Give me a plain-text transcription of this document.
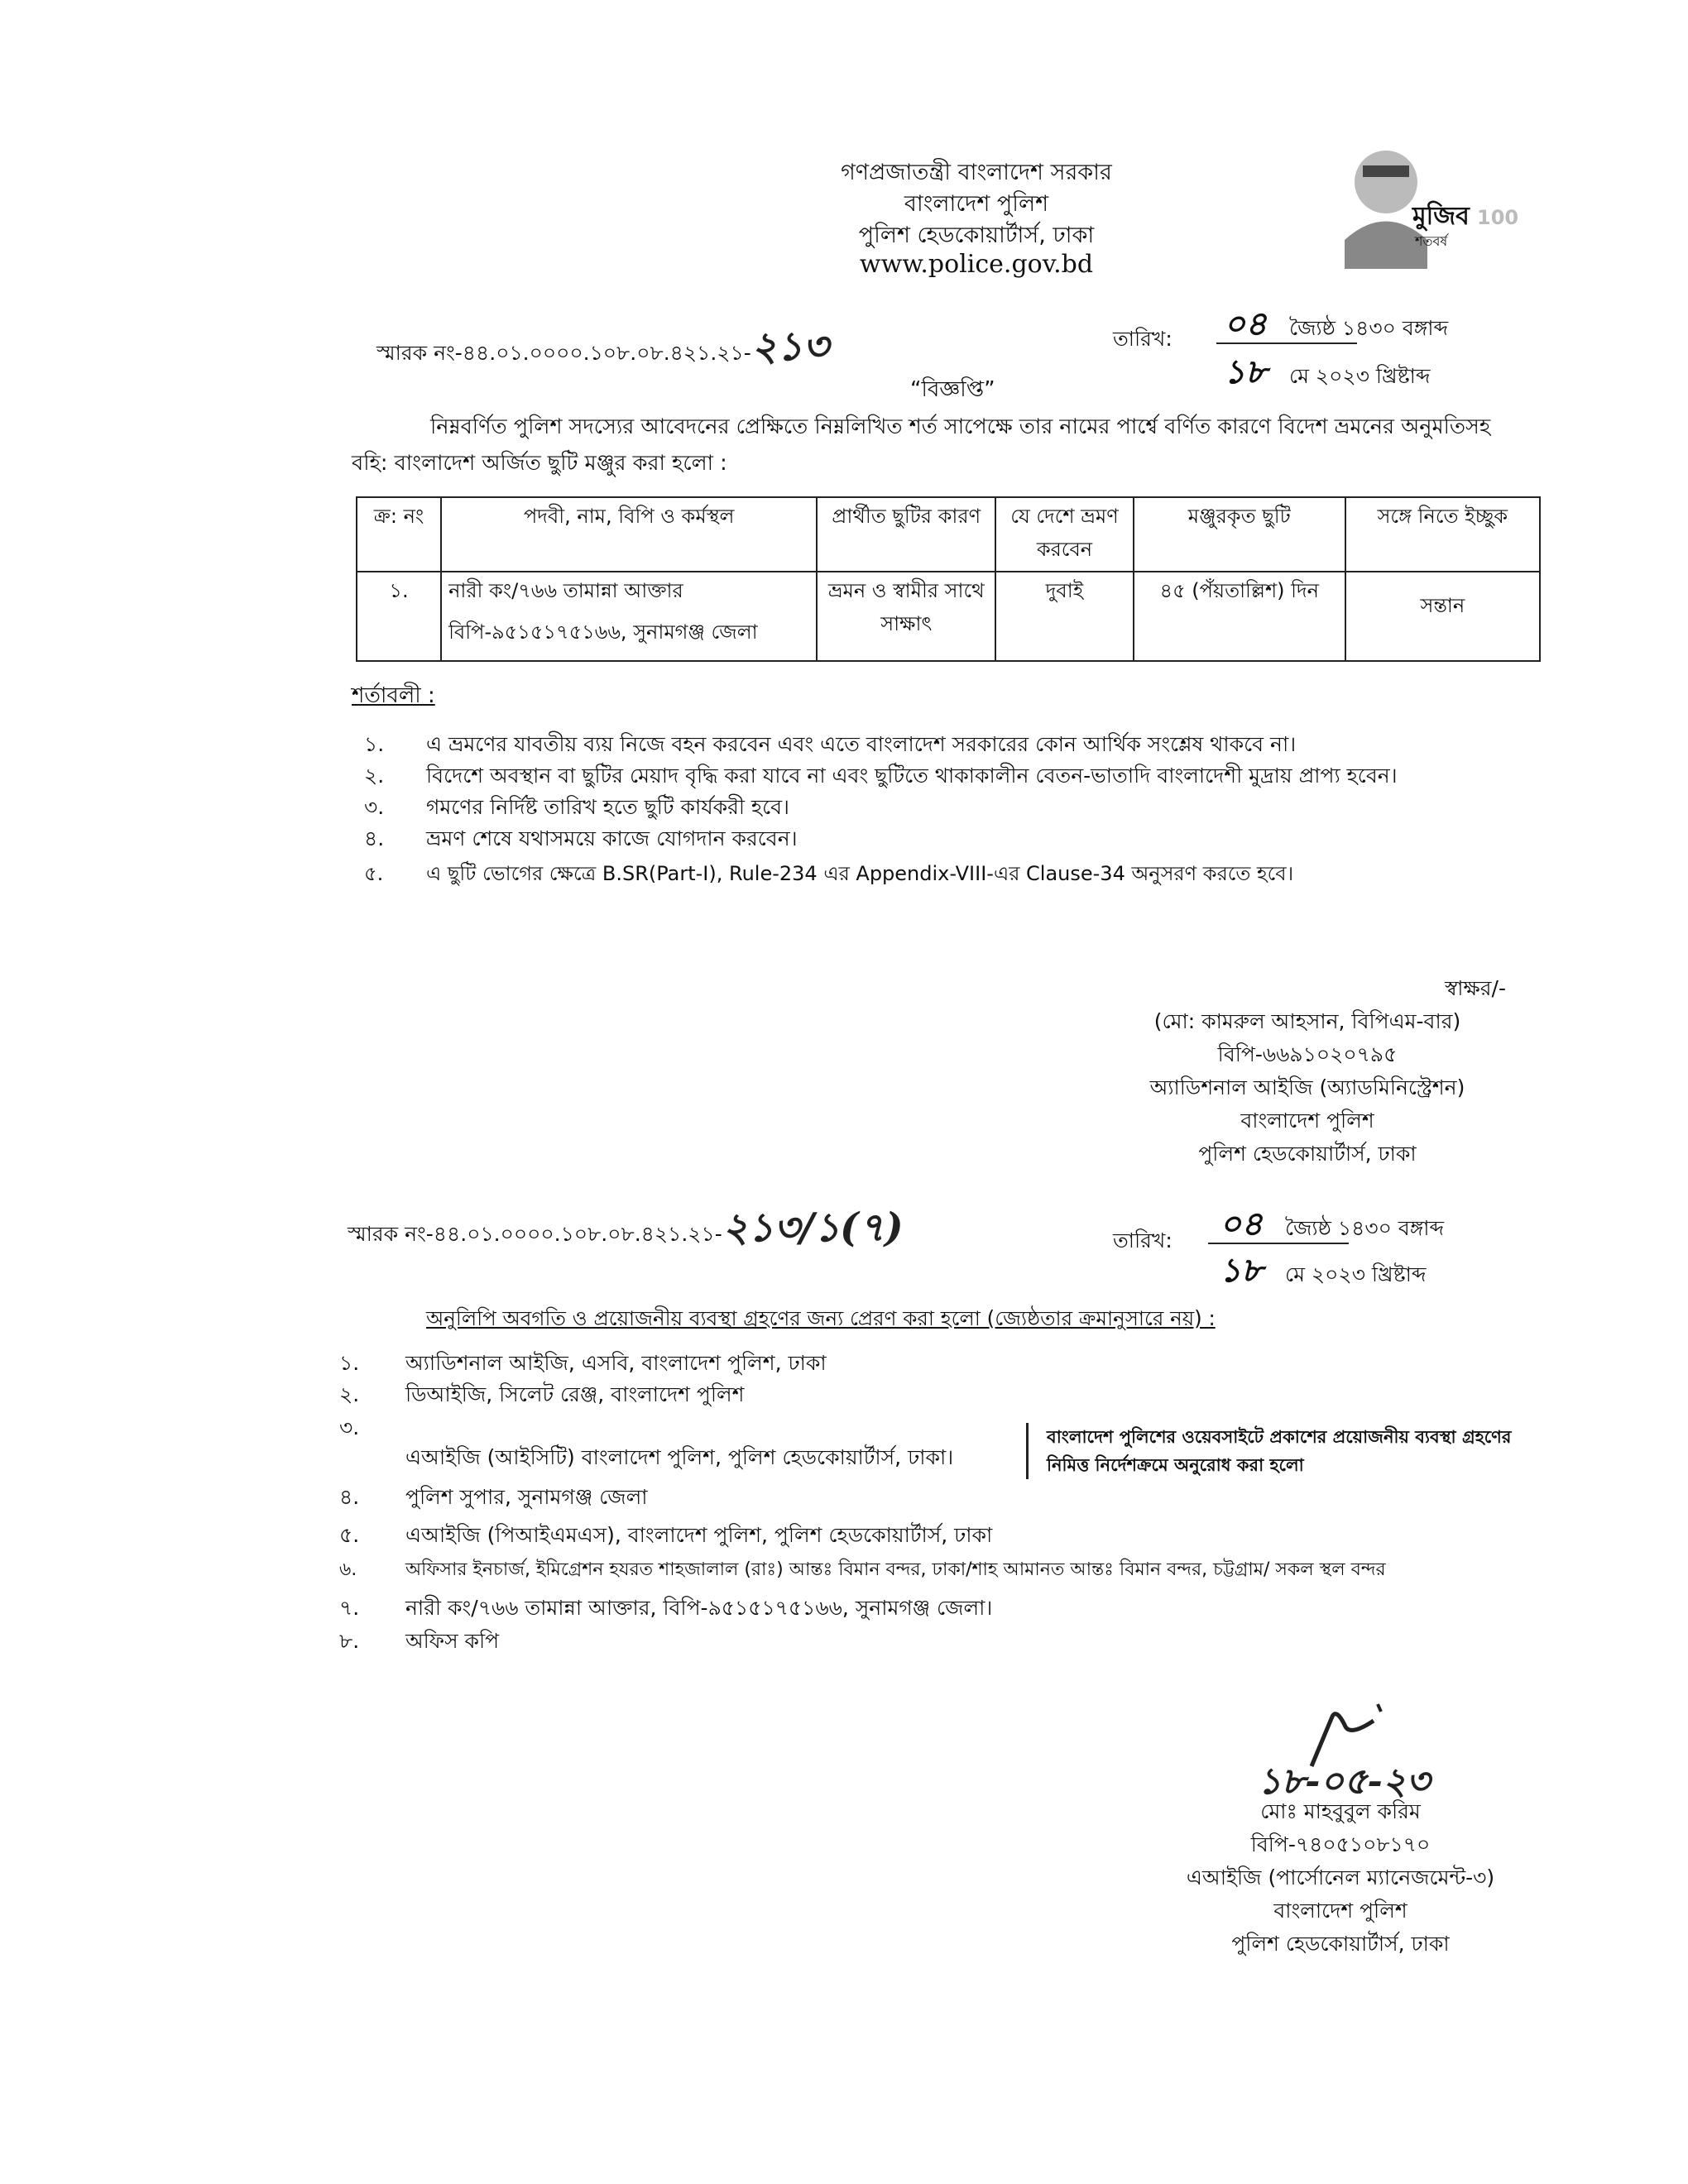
গণপ্রজাতন্ত্রী বাংলাদেশ সরকার
বাংলাদেশ পুলিশ
পুলিশ হেডকোয়ার্টার্স, ঢাকা
www.police.gov.bd
মুজিব
শতবর্ষ
100
স্মারক নং-৪৪.০১.০০০০.১০৮.০৮.৪২১.২১-২১৩	তারিখ:	০৪ জ্যৈষ্ঠ ১৪৩০ বঙ্গাব্দ
১৮ মে ২০২৩ খ্রিষ্টাব্দ
“বিজ্ঞপ্তি”
নিম্নবর্ণিত পুলিশ সদস্যের আবেদনের প্রেক্ষিতে নিম্নলিখিত শর্ত সাপেক্ষে তার নামের পার্শ্বে বর্ণিত কারণে বিদেশ ভ্রমনের অনুমতিসহ
বহি: বাংলাদেশ অর্জিত ছুটি মঞ্জুর করা হলো :
ক্র: নং	পদবী, নাম, বিপি ও কর্মস্থল	প্রার্থীত ছুটির কারণ	যে দেশে ভ্রমণ করবেন	মঞ্জুরকৃত ছুটি	সঙ্গে নিতে ইচ্ছুক
১.	নারী কং/৭৬৬ তামান্না আক্তার
বিপি-৯৫১৫১৭৫১৬৬, সুনামগঞ্জ জেলা	ভ্রমন ও স্বামীর সাথে সাক্ষাৎ	দুবাই	৪৫ (পঁয়তাল্লিশ) দিন	সন্তান
শর্তাবলী :
১. এ ভ্রমণের যাবতীয় ব্যয় নিজে বহন করবেন এবং এতে বাংলাদেশ সরকারের কোন আর্থিক সংশ্লেষ থাকবে না।
২. বিদেশে অবস্থান বা ছুটির মেয়াদ বৃদ্ধি করা যাবে না এবং ছুটিতে থাকাকালীন বেতন-ভাতাদি বাংলাদেশী মুদ্রায় প্রাপ্য হবেন।
৩. গমণের নির্দিষ্ট তারিখ হতে ছুটি কার্যকরী হবে।
৪. ভ্রমণ শেষে যথাসময়ে কাজে যোগদান করবেন।
৫. এ ছুটি ভোগের ক্ষেত্রে B.SR(Part-I), Rule-234 এর Appendix-VIII-এর Clause-34 অনুসরণ করতে হবে।
স্বাক্ষর/-
(মো: কামরুল আহসান, বিপিএম-বার)
বিপি-৬৬৯১০২০৭৯৫
অ্যাডিশনাল আইজি (অ্যাডমিনিস্ট্রেশন)
বাংলাদেশ পুলিশ
পুলিশ হেডকোয়ার্টার্স, ঢাকা
স্মারক নং-৪৪.০১.০০০০.১০৮.০৮.৪২১.২১-২১৩/১(৭)	তারিখ:	০৪ জ্যৈষ্ঠ ১৪৩০ বঙ্গাব্দ
১৮ মে ২০২৩ খ্রিষ্টাব্দ
অনুলিপি অবগতি ও প্রয়োজনীয় ব্যবস্থা গ্রহণের জন্য প্রেরণ করা হলো (জ্যেষ্ঠতার ক্রমানুসারে নয়) :
১. অ্যাডিশনাল আইজি, এসবি, বাংলাদেশ পুলিশ, ঢাকা
২. ডিআইজি, সিলেট রেঞ্জ, বাংলাদেশ পুলিশ
৩.
এআইজি (আইসিটি) বাংলাদেশ পুলিশ, পুলিশ হেডকোয়ার্টার্স, ঢাকা।
৪. পুলিশ সুপার, সুনামগঞ্জ জেলা
৫. এআইজি (পিআইএমএস), বাংলাদেশ পুলিশ, পুলিশ হেডকোয়ার্টার্স, ঢাকা
৬.	অফিসার ইনচার্জ, ইমিগ্রেশন হযরত শাহজালাল (রাঃ) আন্তঃ বিমান বন্দর, ঢাকা/শাহ আমানত আন্তঃ বিমান বন্দর, চট্টগ্রাম/ সকল স্থল বন্দর
৭. নারী কং/৭৬৬ তামান্না আক্তার, বিপি-৯৫১৫১৭৫১৬৬, সুনামগঞ্জ জেলা।
৮. অফিস কপি
বাংলাদেশ পুলিশের ওয়েবসাইটে প্রকাশের প্রয়োজনীয় ব্যবস্থা গ্রহণের নিমিত্ত নির্দেশক্রমে অনুরোধ করা হলো
১৮-০৫-২৩
মোঃ মাহবুবুল করিম
বিপি-৭৪০৫১০৮১৭০
এআইজি (পার্সোনেল ম্যানেজমেন্ট-৩)
বাংলাদেশ পুলিশ
পুলিশ হেডকোয়ার্টার্স, ঢাকা
